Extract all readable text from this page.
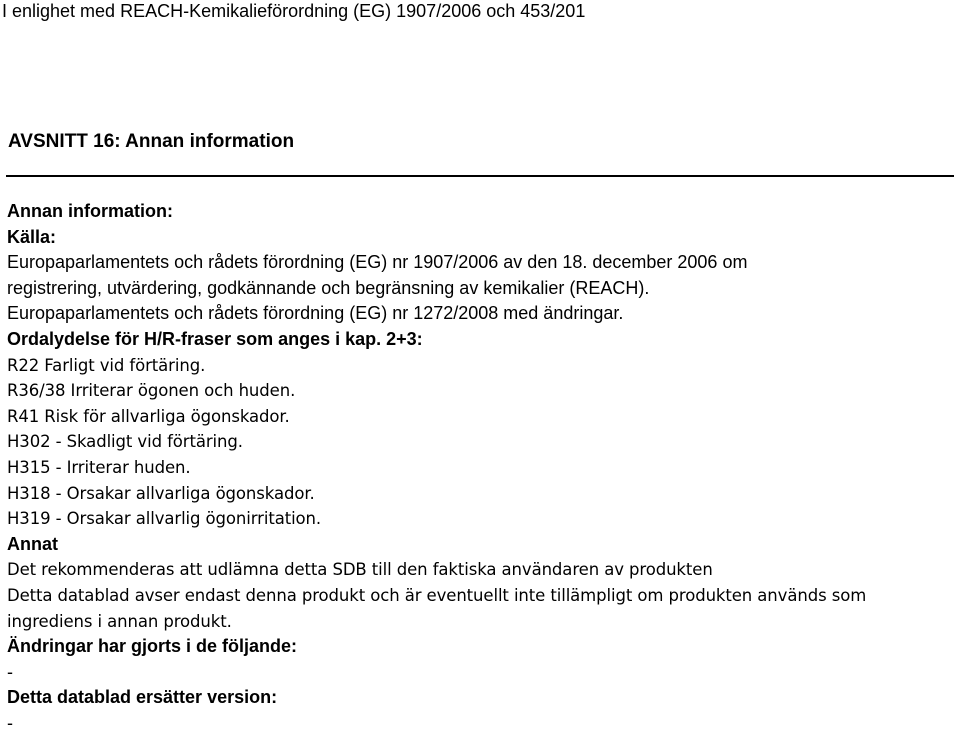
I enlighet med REACH-Kemikalieförordning (EG) 1907/2006 och 453/201
AVSNITT 16: Annan information
Annan information:
Källa:
Europaparlamentets och rådets förordning (EG) nr 1907/2006 av den 18. december 2006 om
registrering, utvärdering, godkännande och begränsning av kemikalier (REACH).
Europaparlamentets och rådets förordning (EG) nr 1272/2008 med ändringar.
Ordalydelse för H/R-fraser som anges i kap. 2+3:
R22 Farligt vid förtäring.
R36/38 Irriterar ögonen och huden.
R41 Risk för allvarliga ögonskador.
H302 - Skadligt vid förtäring.
H315 - Irriterar huden.
H318 - Orsakar allvarliga ögonskador.
H319 - Orsakar allvarlig ögonirritation.
Annat
Det rekommenderas att udlämna detta SDB till den faktiska användaren av produkten
Detta datablad avser endast denna produkt och är eventuellt inte tillämpligt om produkten används som
ingrediens i annan produkt.
Ändringar har gjorts i de följande:
-
Detta datablad ersätter version:
-
